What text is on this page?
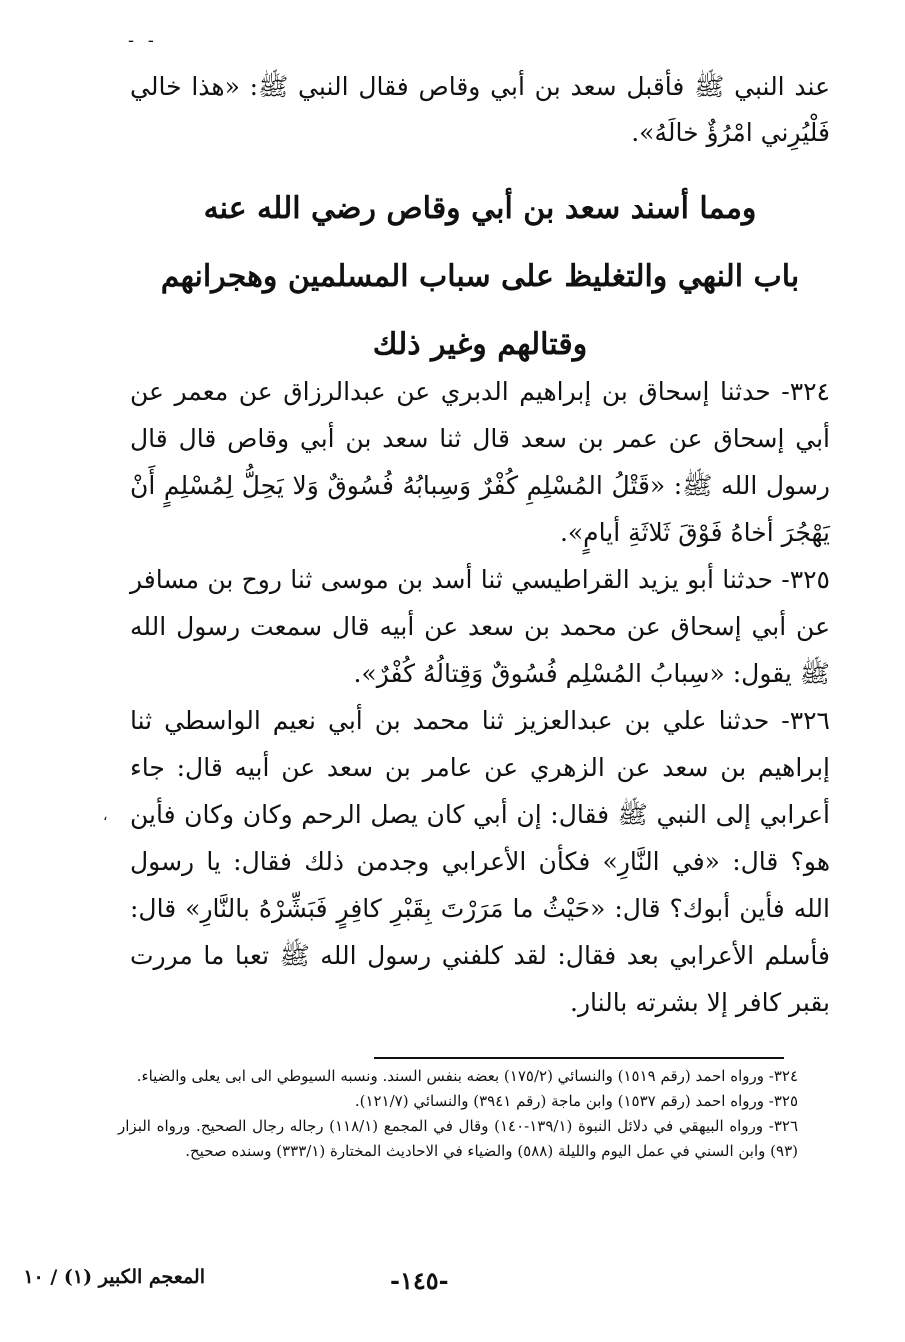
- -
عند النبي ﷺ فأقبل سعد بن أبي وقاص فقال النبي ﷺ: «هذا خالي فَلْيُرِني امْرُؤٌ خالَهُ».
ومما أسند سعد بن أبي وقاص رضي الله عنه
باب النهي والتغليظ على سباب المسلمين وهجرانهم
وقتالهم وغير ذلك

٣٢٤- حدثنا إسحاق بن إبراهيم الدبري عن عبدالرزاق عن معمر عن أبي إسحاق عن عمر بن سعد قال ثنا سعد بن أبي وقاص قال قال رسول الله ﷺ: «قَتْلُ المُسْلِمِ كُفْرٌ وَسِبابُهُ فُسُوقٌ وَلا يَحِلُّ لِمُسْلِمٍ أَنْ يَهْجُرَ أخاهُ فَوْقَ ثَلاثَةِ أيامٍ».

٣٢٥- حدثنا أبو يزيد القراطيسي ثنا أسد بن موسى ثنا روح بن مسافر عن أبي إسحاق عن محمد بن سعد عن أبيه قال سمعت رسول الله ﷺ يقول: «سِبابُ المُسْلِم فُسُوقٌ وَقِتالُهُ كُفْرٌ».

٣٢٦- حدثنا علي بن عبدالعزيز ثنا محمد بن أبي نعيم الواسطي ثنا إبراهيم بن سعد عن الزهري عن عامر بن سعد عن أبيه قال: جاء أعرابي إلى النبي ﷺ فقال: إن أبي كان يصل الرحم وكان وكان فأين هو؟ قال: «في النَّارِ» فكأن الأعرابي وجدمن ذلك فقال: يا رسول الله فأين أبوك؟ قال: «حَيْثُ ما مَرَرْتَ بِقَبْرِ كافِرٍ فَبَشِّرْهُ بالنَّارِ» قال: فأسلم الأعرابي بعد فقال: لقد كلفني رسول الله ﷺ تعبا ما مررت بقبر كافر إلا بشرته بالنار.

،

٣٢٤- ورواه احمد (رقم ١٥١٩) والنسائي (١٧٥/٢) بعضه بنفس السند. ونسبه السيوطي الى ابى يعلى والضياء.

٣٢٥- ورواه احمد (رقم ١٥٣٧) وابن ماجة (رقم ٣٩٤١) والنسائي (١٢١/٧).

٣٢٦- ورواه البيهقي في دلائل النبوة (١٣٩/١-١٤٠) وقال في المجمع (١١٨/١) رجاله رجال الصحيح. ورواه البزار (٩٣) وابن السني في عمل اليوم والليلة (٥٨٨) والضياء في الاحاديث المختارة (٣٣٣/١) وسنده صحيح.

المعجم الكبير (١) / ١٠	-١٤٥-
